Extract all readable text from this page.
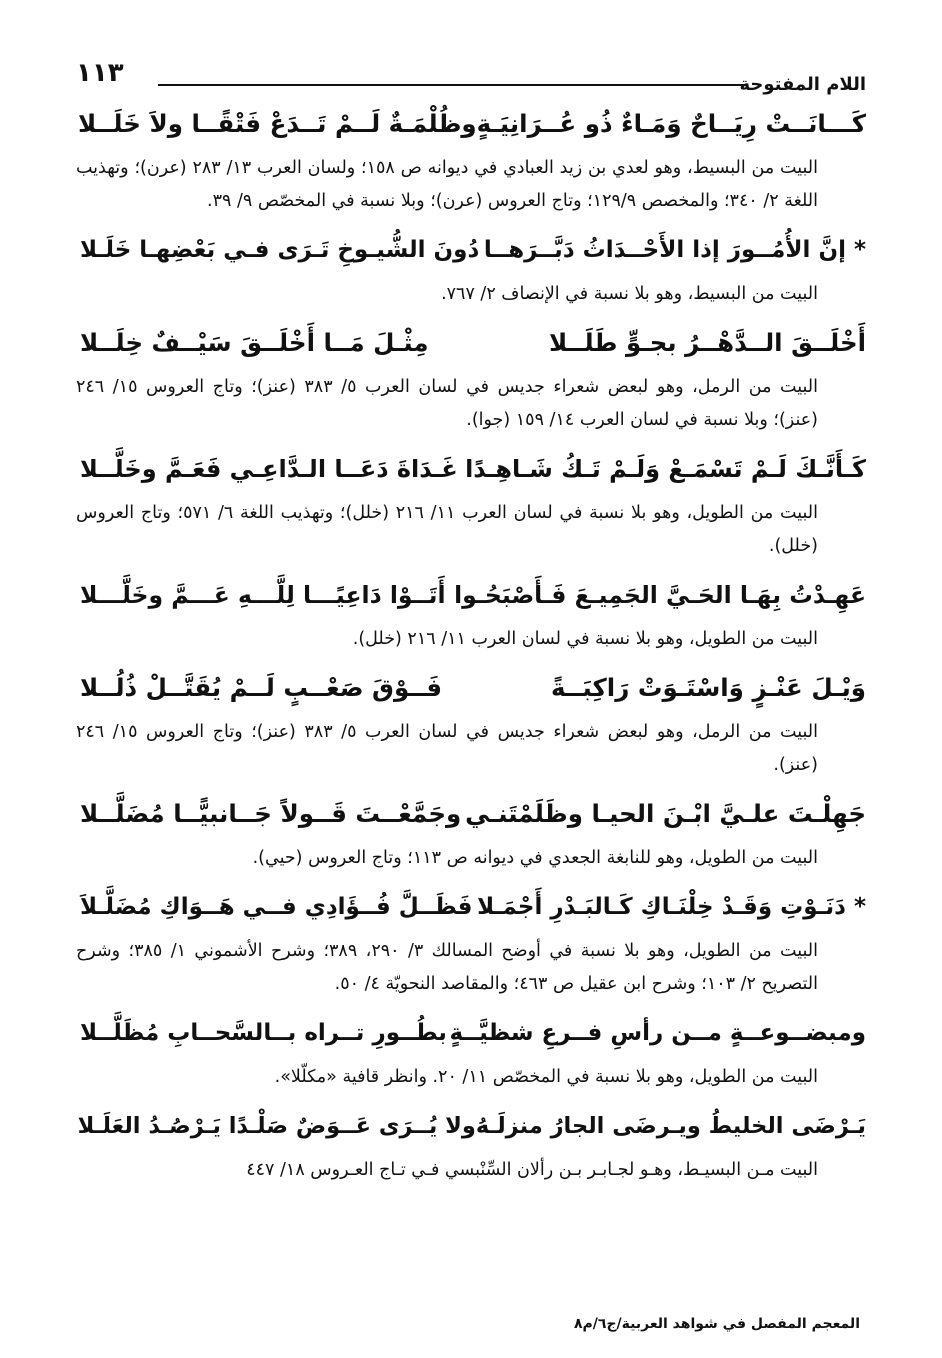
اللام المفتوحة
١١٣
كَـــانَــتْ رِيَــاحٌ وَمَـاءٌ ذُو عُــرَانِيَـةٍ
وظُلْمَـةٌ لَــمْ تَــدَعْ فَتْقًــا ولاَ خَلَــلا

البيت من البسيط، وهو لعدي بن زيد العبادي في ديوانه ص ١٥٨؛ ولسان العرب ١٣/ ٢٨٣ (عرن)؛ وتهذيب اللغة ٢/ ٣٤٠؛ والمخصص ١٢٩/٩؛ وتاج العروس (عرن)؛ وبلا نسبة في المخصّص ٩/ ٣٩.

* إنَّ الأُمُــورَ إذا الأَحْــدَاثُ دَبَّــرَهــا
دُونَ الشُّيـوخِ تَـرَى فـي بَعْضِهـا خَلَـلا

البيت من البسيط، وهو بلا نسبة في الإنصاف ٢/ ٧٦٧.

أَخْلَــقَ الــدَّهْــرُ بجـوٍّ طَلَــلا
مِثْـلَ مَــا أَخْلَــقَ سَيْــفٌ خِلَــلا

البيت من الرمل، وهو لبعض شعراء جديس في لسان العرب ٥/ ٣٨٣ (عنز)؛ وتاج العروس ١٥/ ٢٤٦ (عنز)؛ وبلا نسبة في لسان العرب ١٤/ ١٥٩ (جوا).

كَـأَنَّـكَ لَـمْ تَسْمَـعْ وَلَـمْ تَـكُ شَـاهِـدًا
غَـدَاةَ دَعَــا الـدَّاعِـي فَعَـمَّ وخَلَّــلا

البيت من الطويل، وهو بلا نسبة في لسان العرب ١١/ ٢١٦ (خلل)؛ وتهذيب اللغة ٦/ ٥٧١؛ وتاج العروس (خلل).

عَهِـدْتُ بِهَـا الحَـيَّ الجَمِيـعَ فَـأَصْبَحُـوا
أَتَــوْا دَاعِيًـــا لِلَّـــهِ عَـــمَّ وخَلَّـــلا

البيت من الطويل، وهو بلا نسبة في لسان العرب ١١/ ٢١٦ (خلل).

وَيْـلَ عَنْـزٍ وَاسْتَـوَتْ رَاكِبَــةً
فَــوْقَ صَعْــبٍ لَــمْ يُقَتَّــلْ ذُلُــلا

البيت من الرمل، وهو لبعض شعراء جديس في لسان العرب ٥/ ٣٨٣ (عنز)؛ وتاج العروس ١٥/ ٢٤٦ (عنز).

جَهِلْـتَ علـيَّ ابْـنَ الحيـا وظَلَمْتَنـي
وجَمَّعْــتَ قَــولاً جَــانبيًّــا مُضَلَّــلا

البيت من الطويل، وهو للنابغة الجعدي في ديوانه ص ١١٣؛ وتاج العروس (حيي).

* دَنَـوْتِ وَقَـدْ خِلْنَـاكِ كَـالبَـدْرِ أَجْمَـلا
فَظَــلَّ فُــؤَادِي فــي هَــوَاكِ مُضَلَّـلاَ

البيت من الطويل، وهو بلا نسبة في أوضح المسالك ٣/ ٢٩٠، ٣٨٩؛ وشرح الأشموني ١/ ٣٨٥؛ وشرح التصريح ٢/ ١٠٣؛ وشرح ابن عقيل ص ٤٦٣؛ والمقاصد النحويّة ٤/ ٥٠.

ومبضــوعــةٍ مــن رأسِ فــرعِ شظيَّــةٍ
بطُــورِ تــراه بــالسَّحــابِ مُظَلَّــلا

البيت من الطويل، وهو بلا نسبة في المخصّص ١١/ ٢٠. وانظر قافية «مكلّلا».

يَـرْضَى الخليطُ ويـرضَى الجارُ منزلَـهُ
ولا يُــرَى عَــوَضٌ صَلْـدًا يَـرْصُـدُ العَلَـلا

البيت مـن البسيـط، وهـو لجـابـر بـن رألان السِّنْبسي فـي تـاج العـروس ١٨/ ٤٤٧

المعجم المفصل في شواهد العربية/ج٦/م٨
